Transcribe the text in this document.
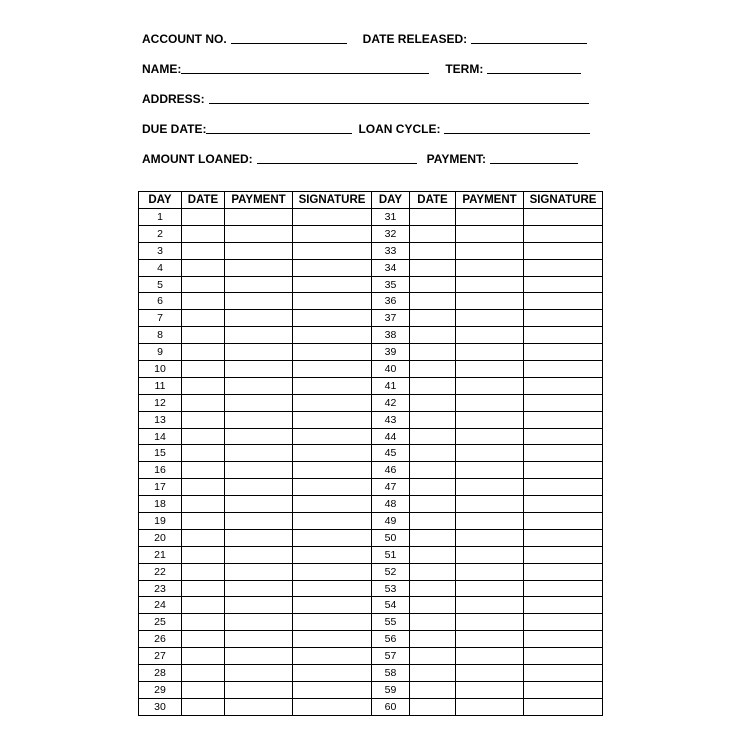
ACCOUNT NO.	DATE RELEASED:
NAME:	TERM:
ADDRESS:
DUE DATE:	LOAN CYCLE:
AMOUNT LOANED:	PAYMENT:
DAY	DATE	PAYMENT	SIGNATURE	DAY	DATE	PAYMENT	SIGNATURE
1				31			
2				32			
3				33			
4				34			
5				35			
6				36			
7				37			
8				38			
9				39			
10				40			
11				41			
12				42			
13				43			
14				44			
15				45			
16				46			
17				47			
18				48			
19				49			
20				50			
21				51			
22				52			
23				53			
24				54			
25				55			
26				56			
27				57			
28				58			
29				59			
30				60			
